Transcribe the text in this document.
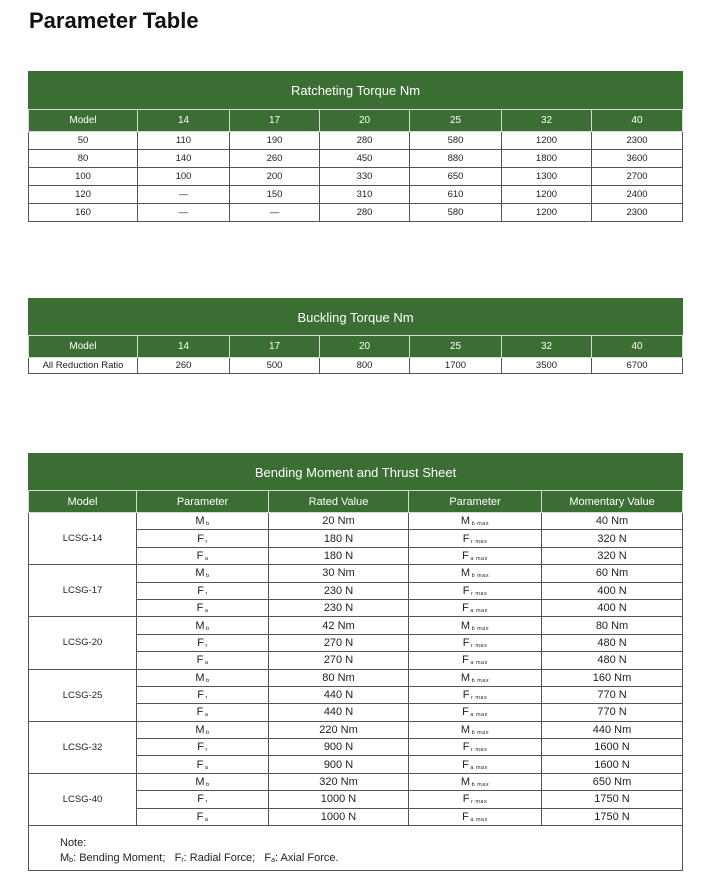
Parameter Table
Ratcheting Torque Nm						
Model	14	17	20	25	32	40
50	110	190	280	580	1200	2300
80	140	260	450	880	1800	3600
100	100	200	330	650	1300	2700
120	—	150	310	610	1200	2400
160	—	—	280	580	1200	2300
Buckling Torque Nm						
Model	14	17	20	25	32	40
All Reduction Ratio	260	500	800	1700	3500	6700
Bending Moment and Thrust Sheet				
Model	Parameter	Rated Value	Parameter	Momentary Value
LCSG-14	Mb	20 Nm	Mb max	40 Nm
	Fr	180 N	Fr max	320 N
	Fa	180 N	Fa max	320 N
LCSG-17	Mb	30 Nm	Mb max	60 Nm
	Fr	230 N	Fr max	400 N
	Fa	230 N	Fa max	400 N
LCSG-20	Mb	42 Nm	Mb max	80 Nm
	Fr	270 N	Fr max	480 N
	Fa	270 N	Fa max	480 N
LCSG-25	Mb	80 Nm	Mb max	160 Nm
	Fr	440 N	Fr max	770 N
	Fa	440 N	Fa max	770 N
LCSG-32	Mb	220 Nm	Mb max	440 Nm
	Fr	900 N	Fr max	1600 N
	Fa	900 N	Fa max	1600 N
LCSG-40	Mb	320 Nm	Mb max	650 Nm
	Fr	1000 N	Fr max	1750 N
	Fa	1000 N	Fa max	1750 N

Note:
Mb: Bending Moment; Fr: Radial Force; Fa: Axial Force.				
